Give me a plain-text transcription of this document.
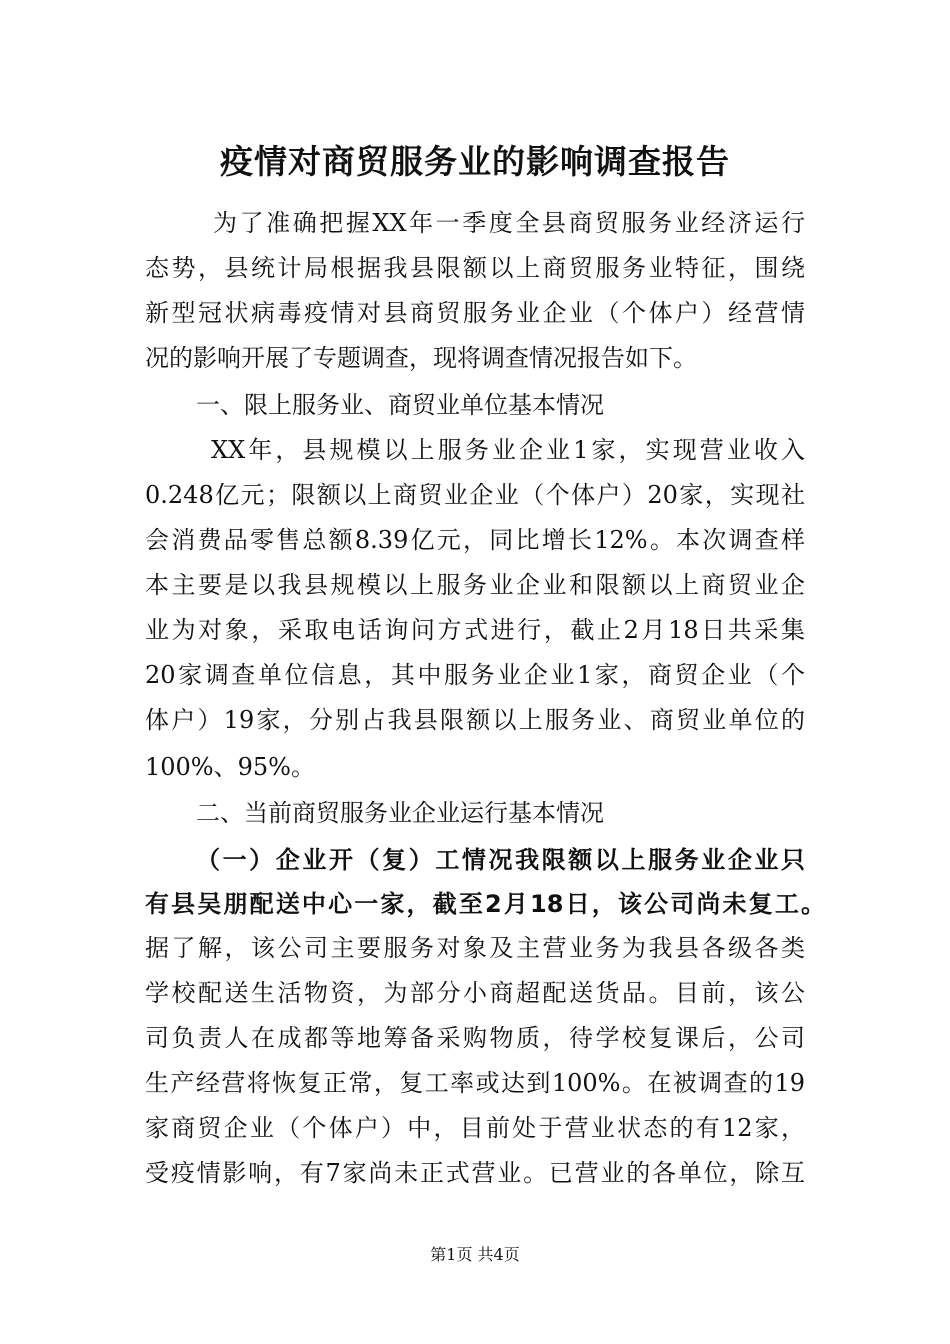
疫情对商贸服务业的影响调查报告
为了准确把握XX年一季度全县商贸服务业经济运行
态势，县统计局根据我县限额以上商贸服务业特征，围绕
新型冠状病毒疫情对县商贸服务业企业（个体户）经营情
况的影响开展了专题调查，现将调查情况报告如下。
一、限上服务业、商贸业单位基本情况
XX年，县规模以上服务业企业1家，实现营业收入
0.248亿元；限额以上商贸业企业（个体户）20家，实现社
会消费品零售总额8.39亿元，同比增长12%。本次调查样
本主要是以我县规模以上服务业企业和限额以上商贸业企
业为对象，采取电话询问方式进行，截止2月18日共采集
20家调查单位信息，其中服务业企业1家，商贸企业（个
体户）19家，分别占我县限额以上服务业、商贸业单位的
100%、95%。
二、当前商贸服务业企业运行基本情况
（一）企业开（复）工情况我限额以上服务业企业只
有县吴朋配送中心一家，截至2月18日，该公司尚未复工。
据了解，该公司主要服务对象及主营业务为我县各级各类
学校配送生活物资，为部分小商超配送货品。目前，该公
司负责人在成都等地筹备采购物质，待学校复课后，公司
生产经营将恢复正常，复工率或达到100%。在被调查的19
家商贸企业（个体户）中，目前处于营业状态的有12家，
受疫情影响，有7家尚未正式营业。已营业的各单位，除互
第1页 共4页
